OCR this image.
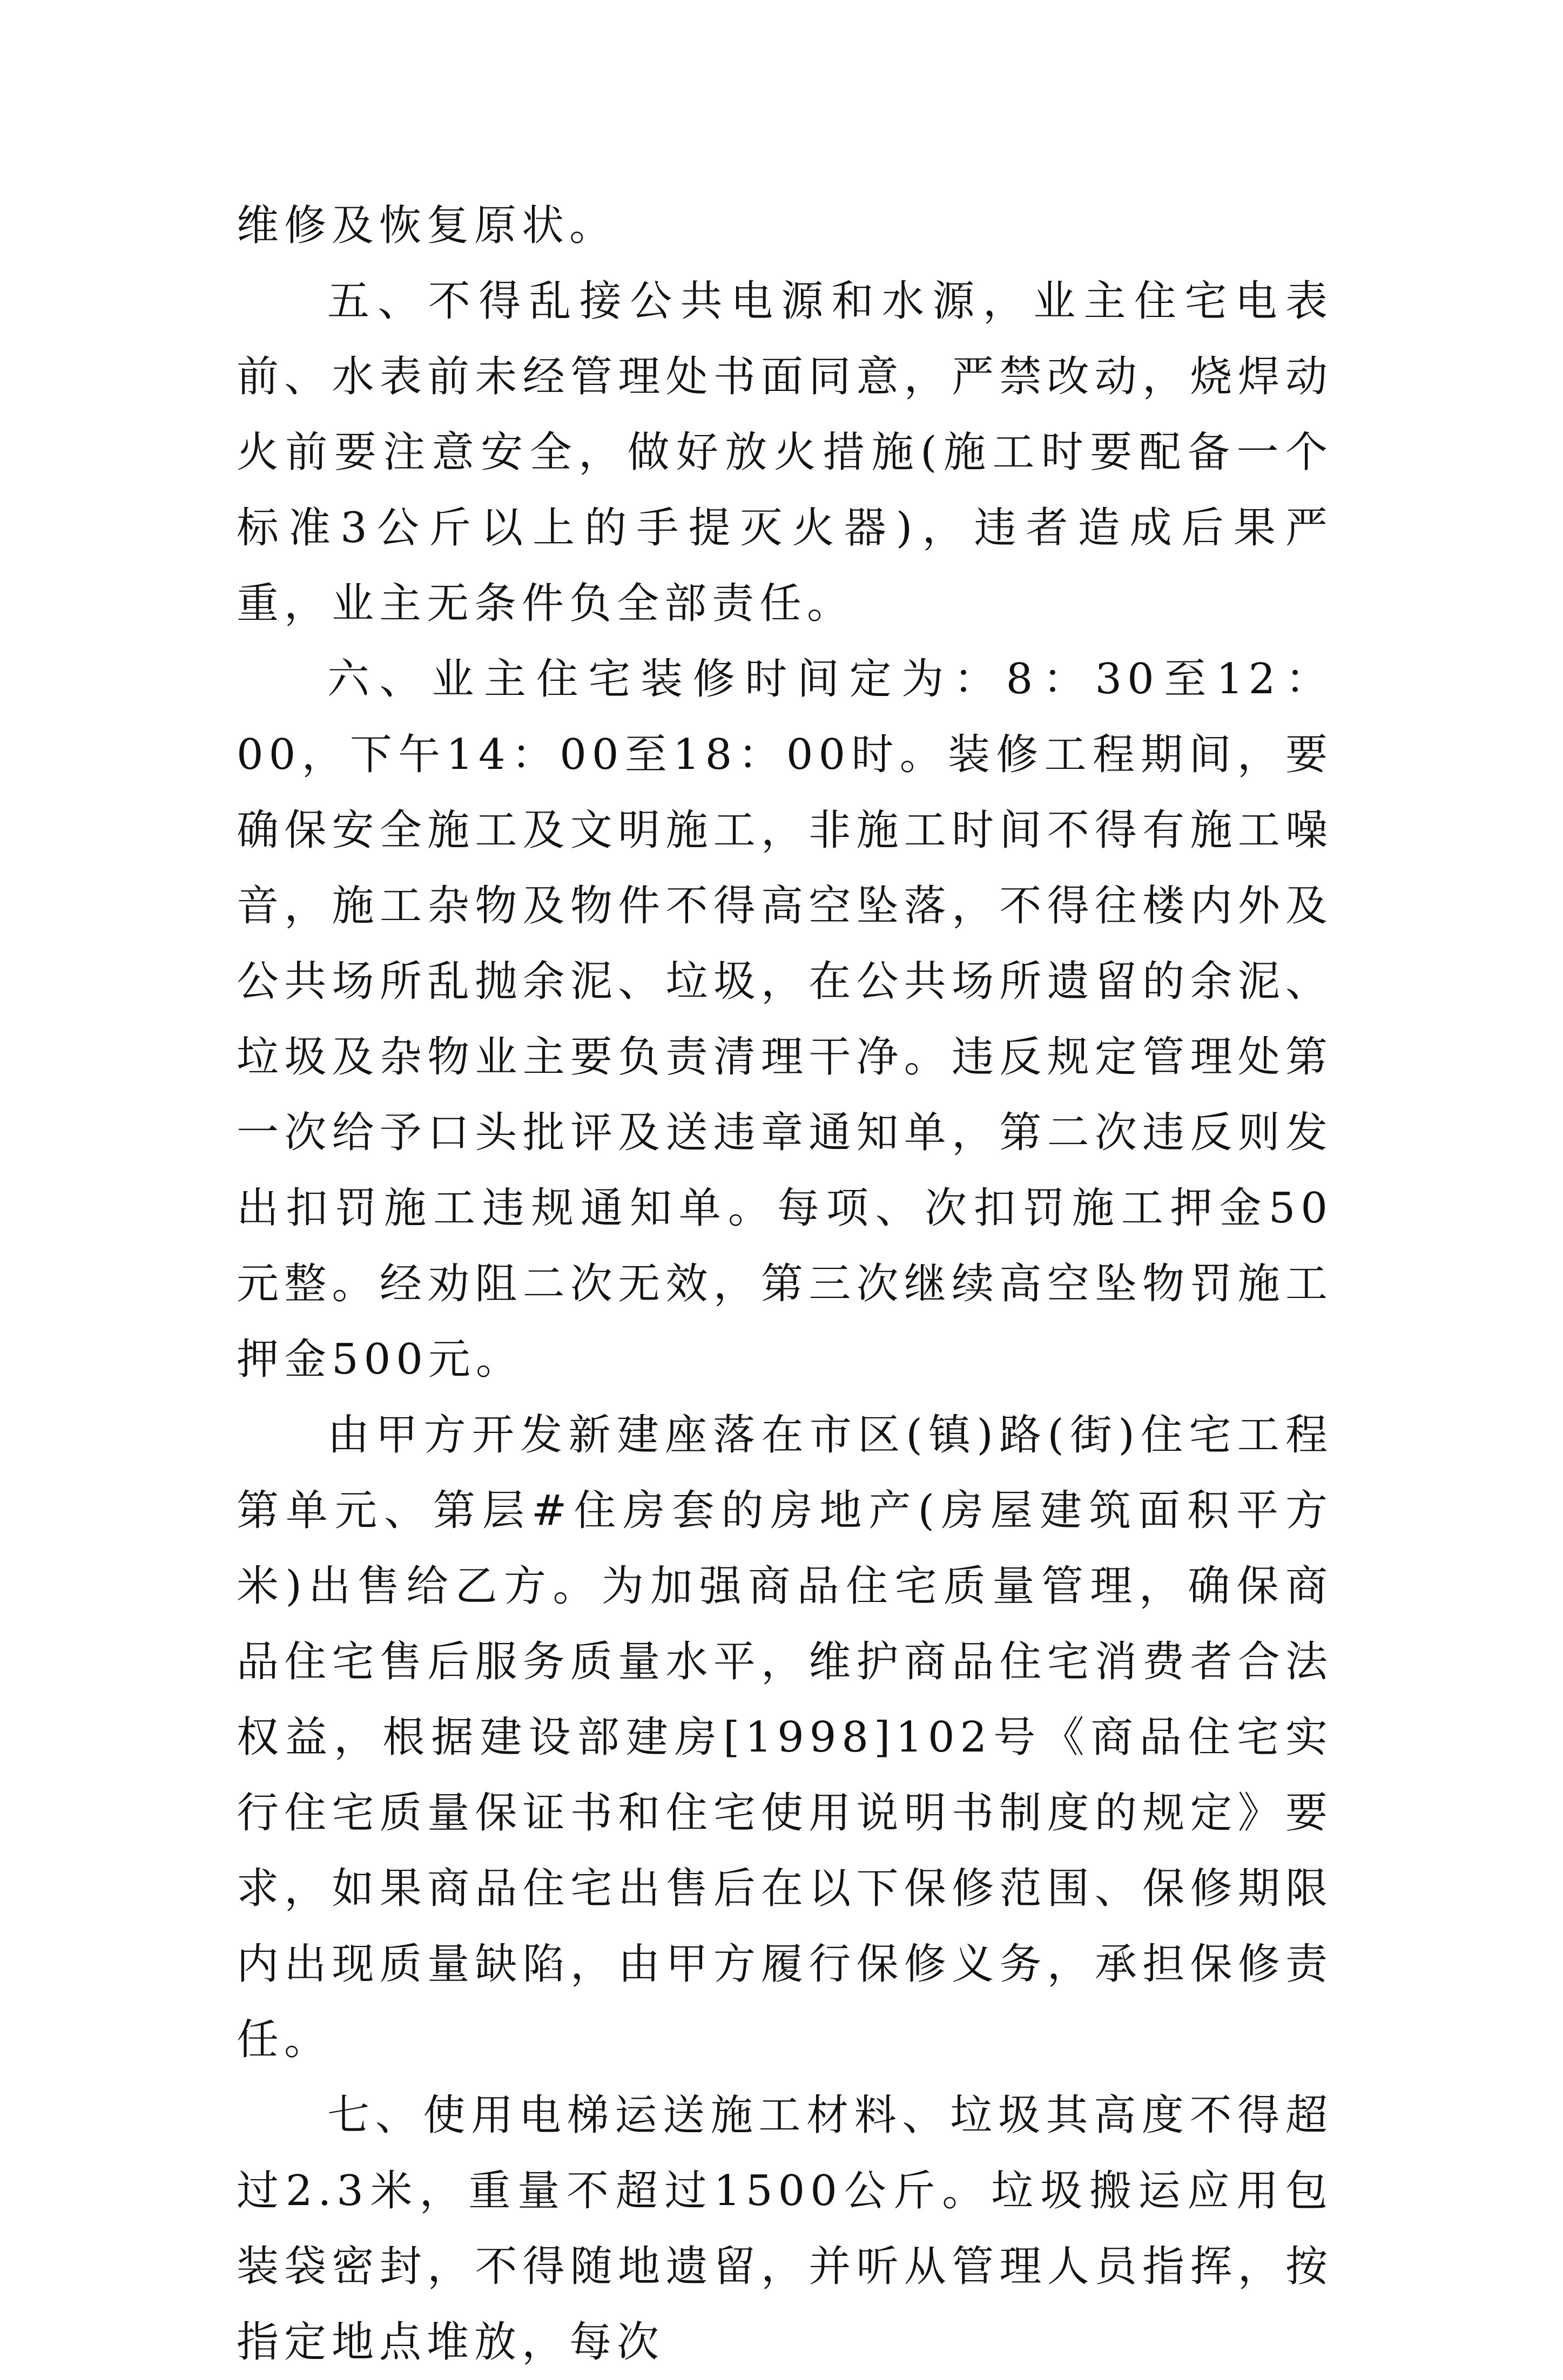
维修及恢复原状。

五、不得乱接公共电源和水源，业主住宅电表前、水表前未经管理处书面同意，严禁改动，烧焊动火前要注意安全，做好放火措施(施工时要配备一个标准3公斤以上的手提灭火器)，违者造成后果严重，业主无条件负全部责任。

六、业主住宅装修时间定为：8：30至12：00，下午14：00至18：00时。装修工程期间，要确保安全施工及文明施工，非施工时间不得有施工噪音，施工杂物及物件不得高空坠落，不得往楼内外及公共场所乱抛余泥、垃圾，在公共场所遗留的余泥、垃圾及杂物业主要负责清理干净。违反规定管理处第一次给予口头批评及送违章通知单，第二次违反则发出扣罚施工违规通知单。每项、次扣罚施工押金50元整。经劝阻二次无效，第三次继续高空坠物罚施工押金500元。

由甲方开发新建座落在市区(镇)路(街)住宅工程第单元、第层#住房套的房地产(房屋建筑面积平方米)出售给乙方。为加强商品住宅质量管理，确保商品住宅售后服务质量水平，维护商品住宅消费者合法权益，根据建设部建房[1998]102号《商品住宅实行住宅质量保证书和住宅使用说明书制度的规定》要求，如果商品住宅出售后在以下保修范围、保修期限内出现质量缺陷，由甲方履行保修义务，承担保修责任。

七、使用电梯运送施工材料、垃圾其高度不得超过2.3米，重量不超过1500公斤。垃圾搬运应用包装袋密封，不得随地遗留，并听从管理人员指挥，按指定地点堆放，每次
